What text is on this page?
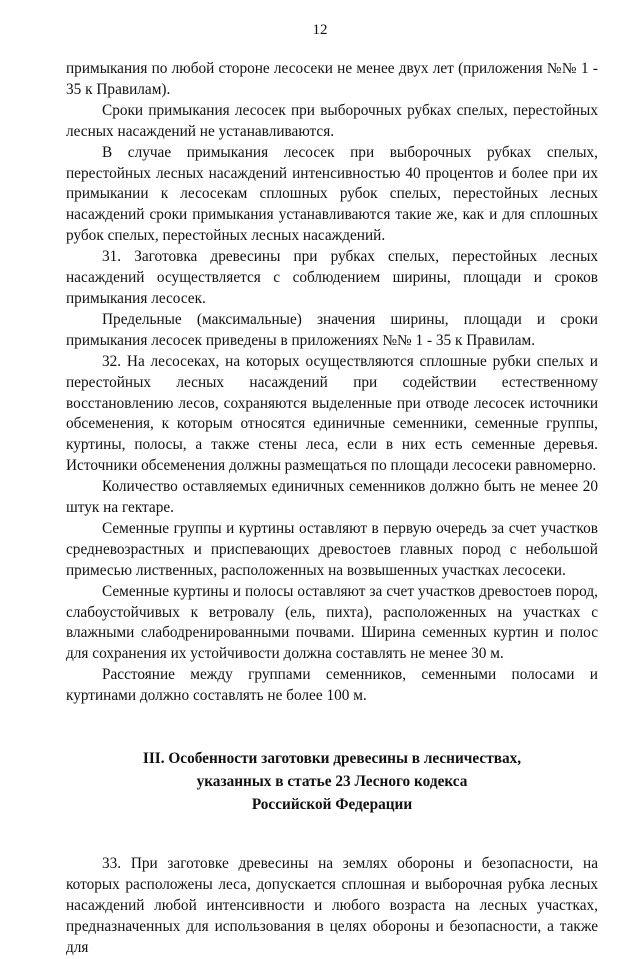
12

примыкания по любой стороне лесосеки не менее двух лет (приложения №№ 1 - 35 к Правилам).

Сроки примыкания лесосек при выборочных рубках спелых, перестойных лесных насаждений не устанавливаются.

В случае примыкания лесосек при выборочных рубках спелых, перестойных лесных насаждений интенсивностью 40 процентов и более при их примыкании к лесосекам сплошных рубок спелых, перестойных лесных насаждений сроки примыкания устанавливаются такие же, как и для сплошных рубок спелых, перестойных лесных насаждений.

31. Заготовка древесины при рубках спелых, перестойных лесных насаждений осуществляется с соблюдением ширины, площади и сроков примыкания лесосек.

Предельные (максимальные) значения ширины, площади и сроки примыкания лесосек приведены в приложениях №№ 1 - 35 к Правилам.

32. На лесосеках, на которых осуществляются сплошные рубки спелых и перестойных лесных насаждений при содействии естественному восстановлению лесов, сохраняются выделенные при отводе лесосек источники обсеменения, к которым относятся единичные семенники, семенные группы, куртины, полосы, а также стены леса, если в них есть семенные деревья. Источники обсеменения должны размещаться по площади лесосеки равномерно.

Количество оставляемых единичных семенников должно быть не менее 20 штук на гектаре.

Семенные группы и куртины оставляют в первую очередь за счет участков средневозрастных и приспевающих древостоев главных пород с небольшой примесью лиственных, расположенных на возвышенных участках лесосеки.

Семенные куртины и полосы оставляют за счет участков древостоев пород, слабоустойчивых к ветровалу (ель, пихта), расположенных на участках с влажными слабодренированными почвами. Ширина семенных куртин и полос для сохранения их устойчивости должна составлять не менее 30 м.

Расстояние между группами семенников, семенными полосами и куртинами должно составлять не более 100 м.

III. Особенности заготовки древесины в лесничествах,
указанных в статье 23 Лесного кодекса
Российской Федерации

33. При заготовке древесины на землях обороны и безопасности, на которых расположены леса, допускается сплошная и выборочная рубка лесных насаждений любой интенсивности и любого возраста на лесных участках, предназначенных для использования в целях обороны и безопасности, а также для
